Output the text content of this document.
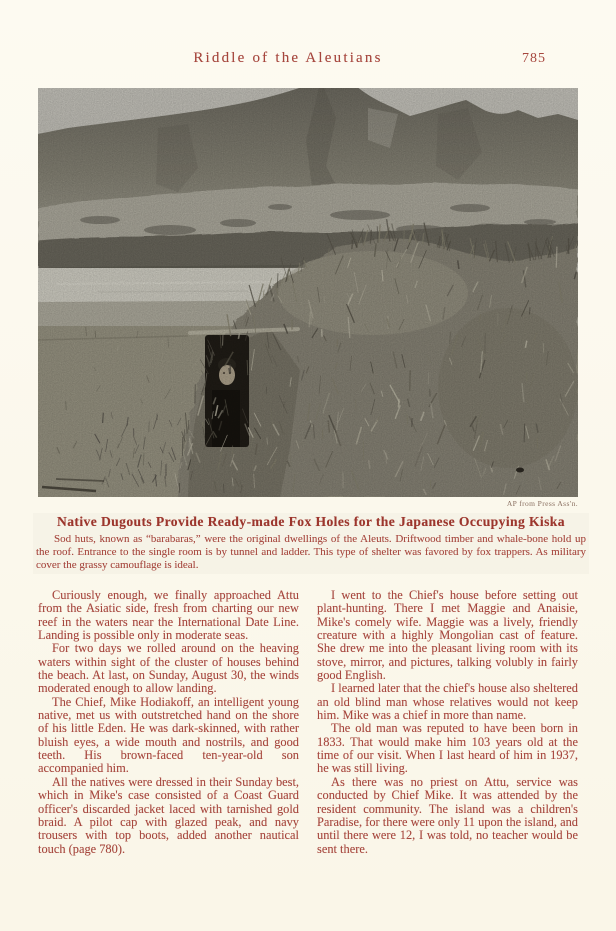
Riddle of the Aleutians	785
AP from Press Ass'n.
Native Dugouts Provide Ready-made Fox Holes for the Japanese Occupying Kiska

Sod huts, known as “barabaras,” were the original dwellings of the Aleuts. Driftwood timber and whale-bone hold up the roof. Entrance to the single room is by tunnel and ladder. This type of shelter was favored by fox trappers. As military cover the grassy camouflage is ideal.

Curiously enough, we finally approached Attu from the Asiatic side, fresh from charting our new reef in the waters near the International Date Line. Landing is possible only in moderate seas.

For two days we rolled around on the heaving waters within sight of the cluster of houses behind the beach. At last, on Sunday, August 30, the winds moderated enough to allow landing.

The Chief, Mike Hodiakoff, an intelligent young native, met us with outstretched hand on the shore of his little Eden. He was dark-skinned, with rather bluish eyes, a wide mouth and nostrils, and good teeth. His brown-faced ten-year-old son accompanied him.

All the natives were dressed in their Sunday best, which in Mike's case consisted of a Coast Guard officer's discarded jacket laced with tarnished gold braid. A pilot cap with glazed peak, and navy trousers with top boots, added another nautical touch (page 780).

I went to the Chief's house before setting out plant-hunting. There I met Maggie and Anaisie, Mike's comely wife. Maggie was a lively, friendly creature with a highly Mongolian cast of feature. She drew me into the pleasant living room with its stove, mirror, and pictures, talking volubly in fairly good English.

I learned later that the chief's house also sheltered an old blind man whose relatives would not keep him. Mike was a chief in more than name.

The old man was reputed to have been born in 1833. That would make him 103 years old at the time of our visit. When I last heard of him in 1937, he was still living.

As there was no priest on Attu, service was conducted by Chief Mike. It was attended by the resident community. The island was a children's Paradise, for there were only 11 upon the island, and until there were 12, I was told, no teacher would be sent there.
